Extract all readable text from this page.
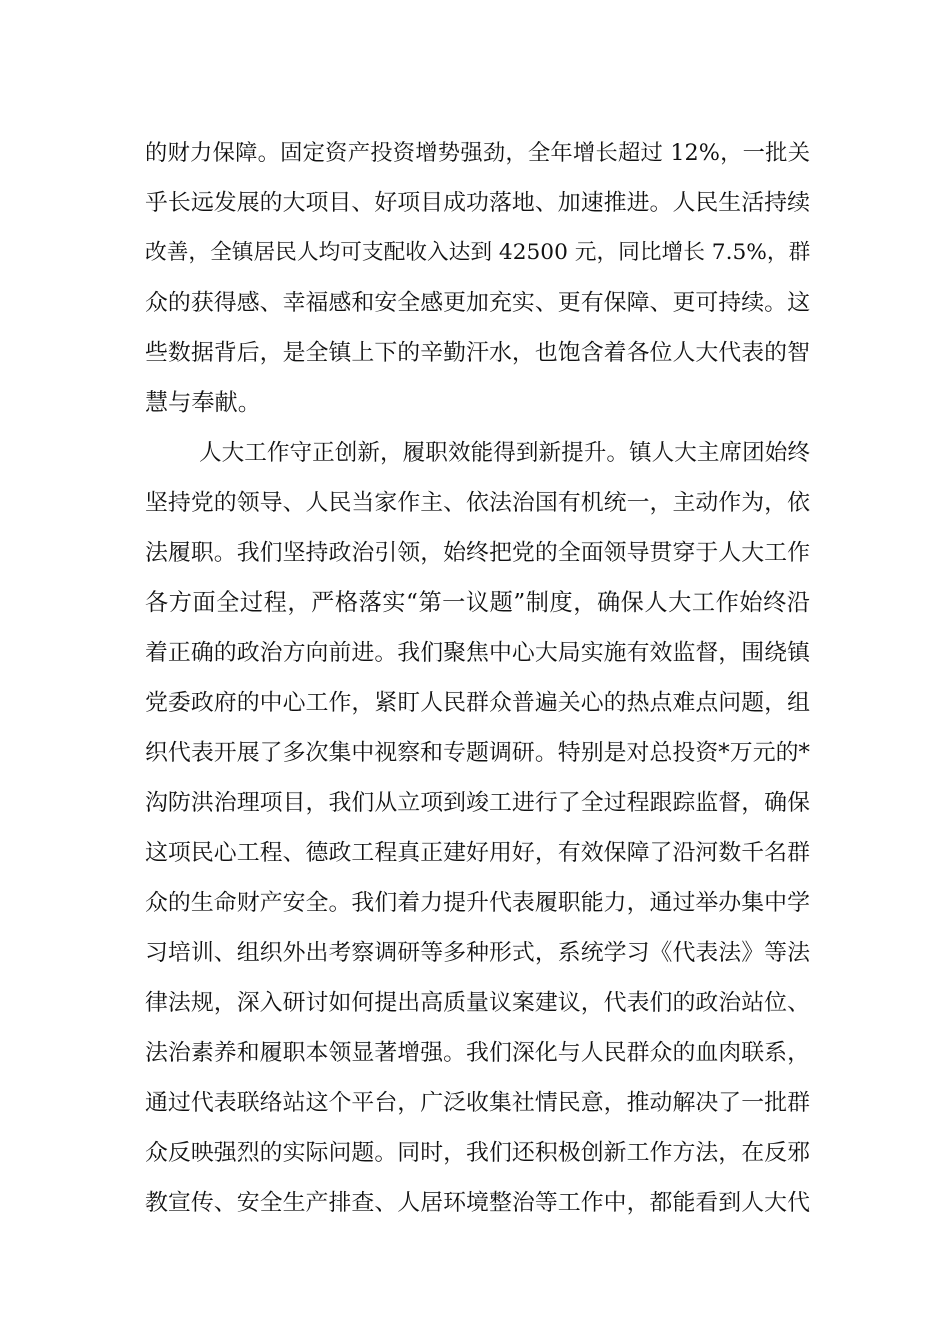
的财力保障。固定资产投资增势强劲，全年增长超过 12%，一批关
乎长远发展的大项目、好项目成功落地、加速推进。人民生活持续
改善，全镇居民人均可支配收入达到 42500 元，同比增长 7.5%，群
众的获得感、幸福感和安全感更加充实、更有保障、更可持续。这
些数据背后，是全镇上下的辛勤汗水，也饱含着各位人大代表的智
慧与奉献。
人大工作守正创新，履职效能得到新提升。镇人大主席团始终
坚持党的领导、人民当家作主、依法治国有机统一，主动作为，依
法履职。我们坚持政治引领，始终把党的全面领导贯穿于人大工作
各方面全过程，严格落实“第一议题”制度，确保人大工作始终沿
着正确的政治方向前进。我们聚焦中心大局实施有效监督，围绕镇
党委政府的中心工作，紧盯人民群众普遍关心的热点难点问题，组
织代表开展了多次集中视察和专题调研。特别是对总投资*万元的*
沟防洪治理项目，我们从立项到竣工进行了全过程跟踪监督，确保
这项民心工程、德政工程真正建好用好，有效保障了沿河数千名群
众的生命财产安全。我们着力提升代表履职能力，通过举办集中学
习培训、组织外出考察调研等多种形式，系统学习《代表法》等法
律法规，深入研讨如何提出高质量议案建议，代表们的政治站位、
法治素养和履职本领显著增强。我们深化与人民群众的血肉联系，
通过代表联络站这个平台，广泛收集社情民意，推动解决了一批群
众反映强烈的实际问题。同时，我们还积极创新工作方法，在反邪
教宣传、安全生产排查、人居环境整治等工作中，都能看到人大代
